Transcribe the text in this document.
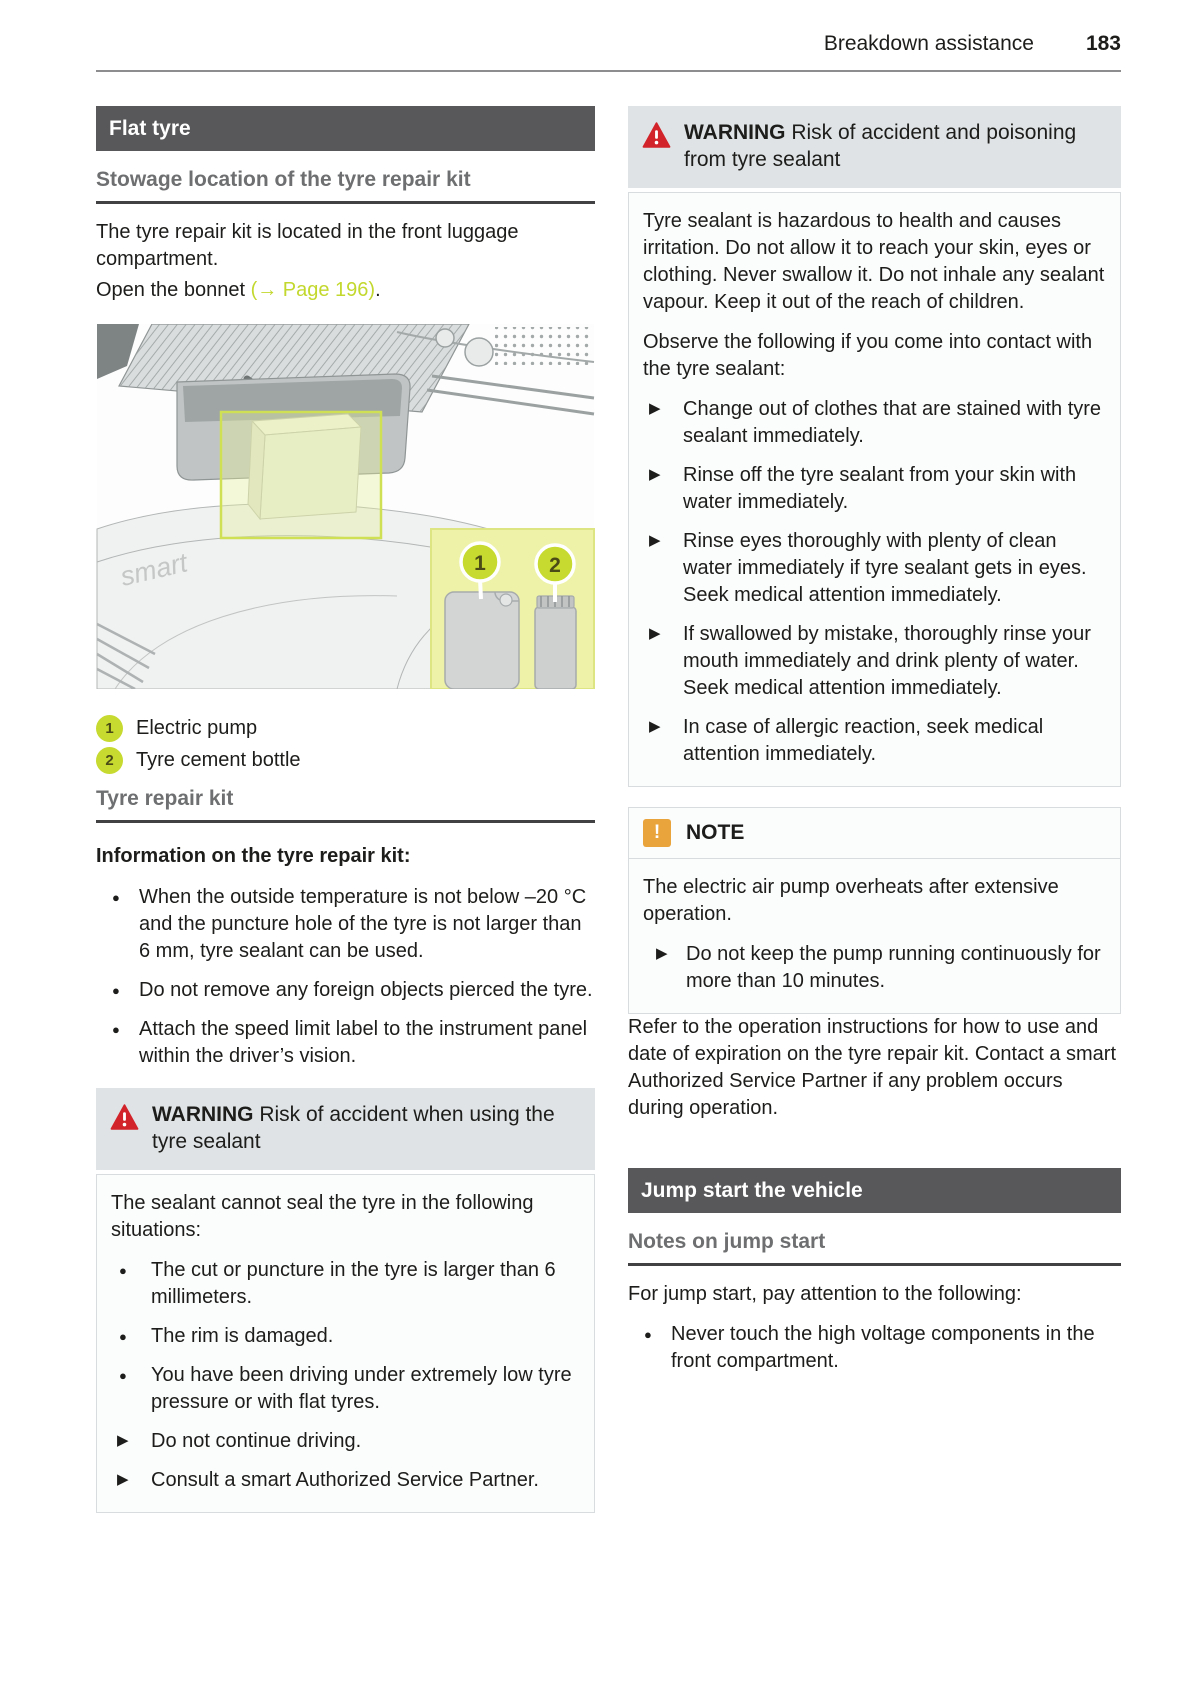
Breakdown assistance 183
Flat tyre
Stowage location of the tyre repair kit

The tyre repair kit is located in the front luggage compartment.

Open the bonnet (→ Page 196).

smart	1	2
1	Electric pump
2	Tyre cement bottle
Tyre repair kit
Information on the tyre repair kit:
● When the outside temperature is not below –20 °C and the puncture hole of the tyre is not larger than 6 mm, tyre sealant can be used.
● Do not remove any foreign objects pierced the tyre.
● Attach the speed limit label to the instrument panel within the driver’s vision.

WARNING Risk of accident when using the tyre sealant

The sealant cannot seal the tyre in the following situations:

●	The cut or puncture in the tyre is larger than 6 millimeters.
●	The rim is damaged.
●	You have been driving under extremely low tyre pressure or with flat tyres.
▶	Do not continue driving.
▶	Consult a smart Authorized Service Partner.

WARNING Risk of accident and poisoning from tyre sealant

Tyre sealant is hazardous to health and causes irritation. Do not allow it to reach your skin, eyes or clothing. Never swallow it. Do not inhale any sealant vapour. Keep it out of the reach of children.

Observe the following if you come into contact with the tyre sealant:

▶	Change out of clothes that are stained with tyre sealant immediately.
▶	Rinse off the tyre sealant from your skin with water immediately.
▶	Rinse eyes thoroughly with plenty of clean water immediately if tyre sealant gets in eyes. Seek medical attention immediately.
▶	If swallowed by mistake, thoroughly rinse your mouth immediately and drink plenty of water. Seek medical attention immediately.
▶	In case of allergic reaction, seek medical attention immediately.
!	NOTE

The electric air pump overheats after extensive operation.

▶ Do not keep the pump running continuously for more than 10 minutes.

Refer to the operation instructions for how to use and date of expiration on the tyre repair kit. Contact a smart Authorized Service Partner if any problem occurs during operation.

Jump start the vehicle
Notes on jump start

For jump start, pay attention to the following:

● Never touch the high voltage components in the front compartment.
